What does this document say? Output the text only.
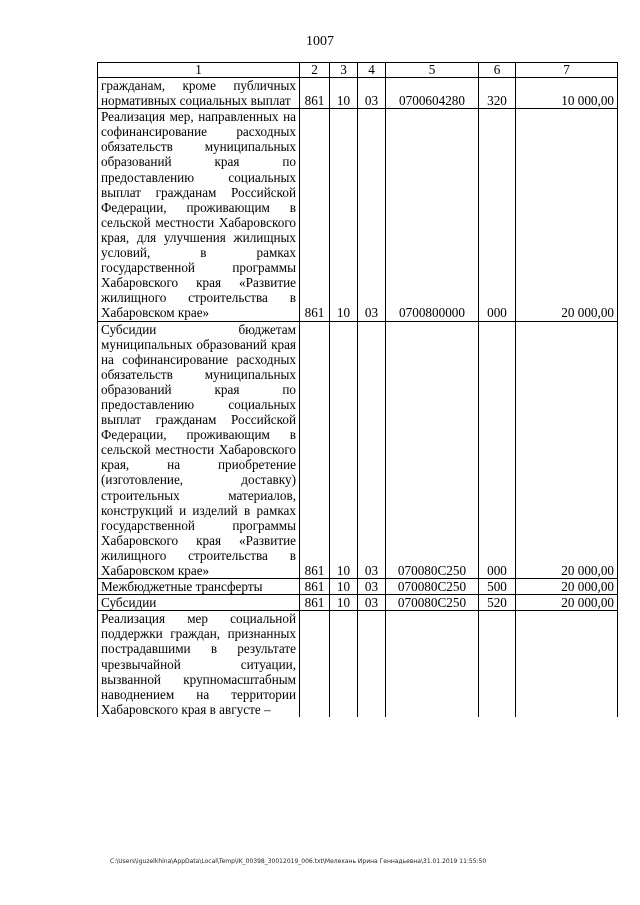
1007
1	2	3	4	5	6	7
гражданам, кроме публичных нормативных социальных выплат	861	10	03	0700604280	320	10 000,00
Реализация мер, направленных на софинансирование расходных обязательств муниципальных образований края по предоставлению социальных выплат гражданам Российской Федерации, проживающим в сельской местности Хабаровского края, для улучшения жилищных условий, в рамках государственной программы Хабаровского края «Развитие жилищного строительства в Хабаровском крае»	861	10	03	0700800000	000	20 000,00
Субсидии бюджетам муниципальных образований края на софинансирование расходных обязательств муниципальных образований края по предоставлению социальных выплат гражданам Российской Федерации, проживающим в сельской местности Хабаровского края, на приобретение (изготовление, доставку) строительных материалов, конструкций и изделий в рамках государственной программы Хабаровского края «Развитие жилищного строительства в Хабаровском крае»	861	10	03	070080С250	000	20 000,00
Межбюджетные трансферты	861	10	03	070080С250	500	20 000,00
Субсидии	861	10	03	070080С250	520	20 000,00
Реализация мер социальной поддержки граждан, признанных пострадавшими в результате чрезвычайной ситуации, вызванной крупномасштабным наводнением на территории Хабаровского края в августе –						
C:\Users\iguzelkhina\AppData\Local\Temp\IK_00398_30012019_006.txt\Мелехань Ирина Геннадьевна\31.01.2019 11:55:50
